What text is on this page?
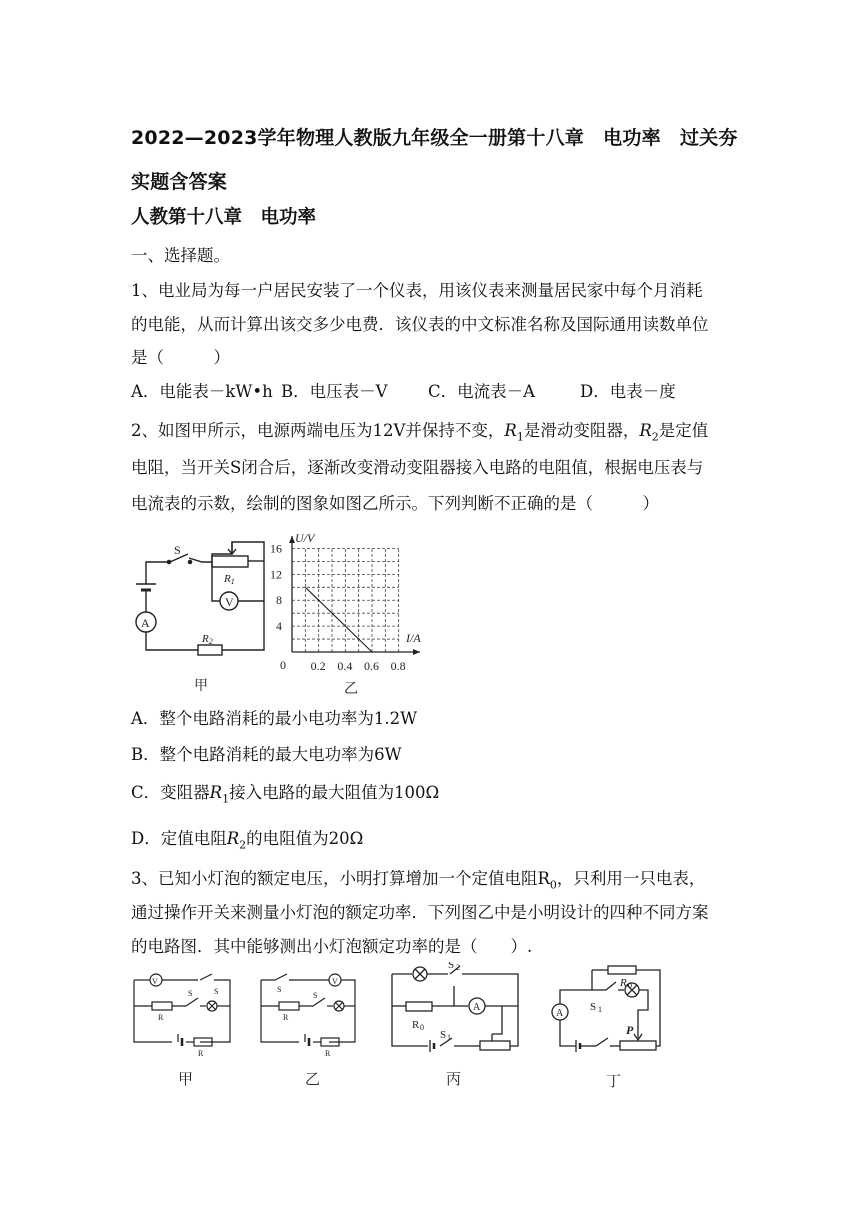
2022—2023学年物理人教版九年级全一册第十八章　电功率　过关夯实题含答案
人教第十八章　电功率
一、选择题。
1、电业局为每一户居民安装了一个仪表，用该仪表来测量居民家中每个月消耗
的电能，从而计算出该交多少电费．该仪表的中文标准名称及国际通用读数单位
是（　　　）
A．电能表－kW•h B．电压表－V C．电流表－A	D．电表－度
2、如图甲所示，电源两端电压为12V并保持不变，$R_1$是滑动变阻器，$R_2$是定值
电阻，当开关S闭合后，逐渐改变滑动变阻器接入电路的电阻值，根据电压表与
电流表的示数，绘制的图象如图乙所示。下列判断不正确的是（　　　）
S
R1
V
A
R2
甲
0.2 0.4 0.6 0.8
4
8
12
16
U/V
I/A
0
乙
A．整个电路消耗的最小电功率为1.2W
B．整个电路消耗的最大电功率为6W
C．变阻器$R_1$接入电路的最大阻值为100Ω
D．定值电阻$R_2$的电阻值为20Ω
3、已知小灯泡的额定电压，小明打算增加一个定值电阻$R_0$，只利用一只电表，
通过操作开关来测量小灯泡的额定功率．下列图乙中是小明设计的四种不同方案
的电路图．其中能够测出小灯泡额定功率的是（　　）.
V
S	S
R
R
甲
S
S
V
R
R
乙
S 2
A
R 0
S 1
丙
R 0
S 1
A
P
丁
